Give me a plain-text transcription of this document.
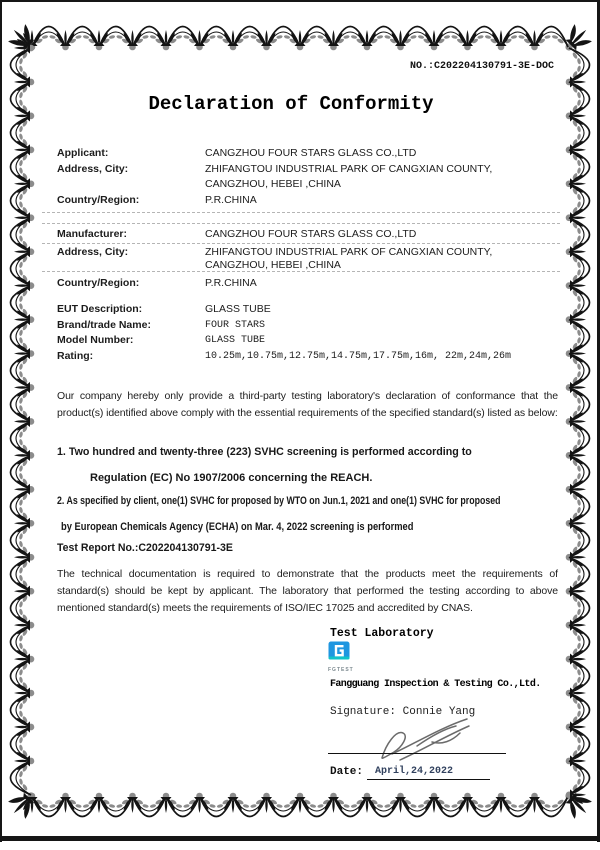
NO.:C202204130791-3E-DOC
Declaration of Conformity
Applicant:	CANGZHOU FOUR STARS GLASS CO.,LTD
Address, City:	ZHIFANGTOU INDUSTRIAL PARK OF CANGXIAN COUNTY,
CANGZHOU, HEBEI ,CHINA
Country/Region:	P.R.CHINA
Manufacturer:	CANGZHOU FOUR STARS GLASS CO.,LTD
Address, City:	ZHIFANGTOU INDUSTRIAL PARK OF CANGXIAN COUNTY,
CANGZHOU, HEBEI ,CHINA
Country/Region:	P.R.CHINA
EUT Description:	GLASS TUBE
Brand/trade Name:	FOUR STARS
Model Number:	GLASS TUBE
Rating:	10.25m,10.75m,12.75m,14.75m,17.75m,16m, 22m,24m,26m

Our company hereby only provide a third-party testing laboratory's declaration of conformance that the product(s) identified above comply with the essential requirements of the specified standard(s) listed as below:

1. Two hundred and twenty-three (223) SVHC screening is performed according to

Regulation (EC) No 1907/2006 concerning the REACH.

2. As specified by client, one(1) SVHC for proposed by WTO on Jun.1, 2021 and one(1) SVHC for proposed

by European Chemicals Agency (ECHA) on Mar. 4, 2022 screening is performed

Test Report No.:C202204130791-3E

The technical documentation is required to demonstrate that the products meet the requirements of standard(s) should be kept by applicant. The laboratory that performed the testing according to above mentioned standard(s) meets the requirements of ISO/IEC 17025 and accredited by CNAS.

Test Laboratory
FGTEST
Fangguang Inspection & Testing Co.,Ltd.
Signature: Connie Yang
Date:	April,24,2022
